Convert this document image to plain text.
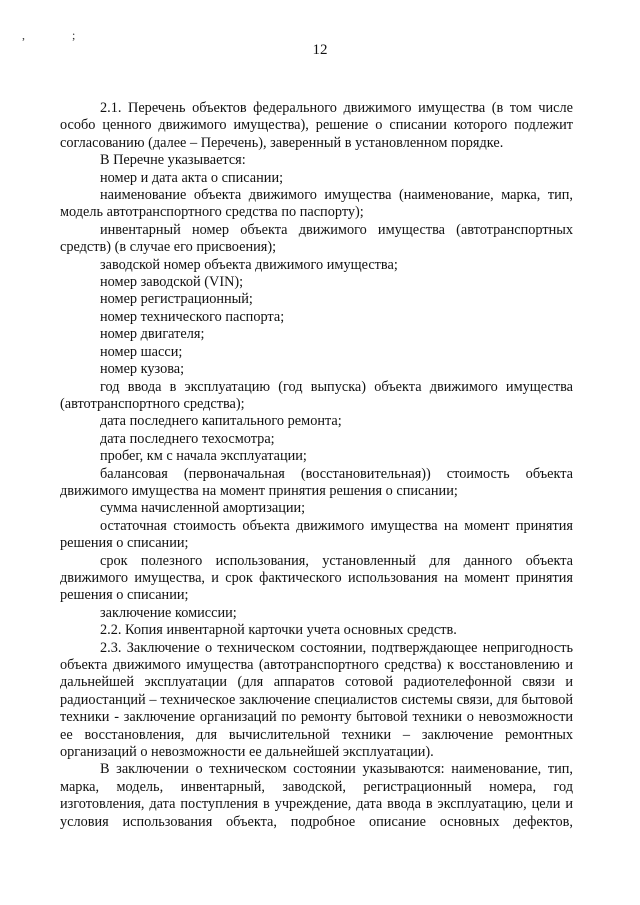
, ;
12

2.1. Перечень объектов федерального движимого имущества (в том числе особо ценного движимого имущества), решение о списании которого подлежит согласованию (далее – Перечень), заверенный в установленном порядке.

В Перечне указывается:

номер и дата акта о списании;

наименование объекта движимого имущества (наименование, марка, тип, модель автотранспортного средства по паспорту);

инвентарный номер объекта движимого имущества (автотранспортных средств) (в случае его присвоения);

заводской номер объекта движимого имущества;

номер заводской (VIN);

номер регистрационный;

номер технического паспорта;

номер двигателя;

номер шасси;

номер кузова;

год ввода в эксплуатацию (год выпуска) объекта движимого имущества (автотранспортного средства);

дата последнего капитального ремонта;

дата последнего техосмотра;

пробег, км с начала эксплуатации;

балансовая (первоначальная (восстановительная)) стоимость объекта движимого имущества на момент принятия решения о списании;

сумма начисленной амортизации;

остаточная стоимость объекта движимого имущества на момент принятия решения о списании;

срок полезного использования, установленный для данного объекта движимого имущества, и срок фактического использования на момент принятия решения о списании;

заключение комиссии;

2.2. Копия инвентарной карточки учета основных средств.

2.3. Заключение о техническом состоянии, подтверждающее непригодность объекта движимого имущества (автотранспортного средства) к восстановлению и дальнейшей эксплуатации (для аппаратов сотовой радиотелефонной связи и радиостанций – техническое заключение специалистов системы связи, для бытовой техники - заключение организаций по ремонту бытовой техники о невозможности ее восстановления, для вычислительной техники – заключение ремонтных организаций о невозможности ее дальнейшей эксплуатации).

В заключении о техническом состоянии указываются: наименование, тип, марка, модель, инвентарный, заводской, регистрационный номера, год изготовления, дата поступления в учреждение, дата ввода в эксплуатацию, цели и условия использования объекта, подробное описание основных дефектов,
